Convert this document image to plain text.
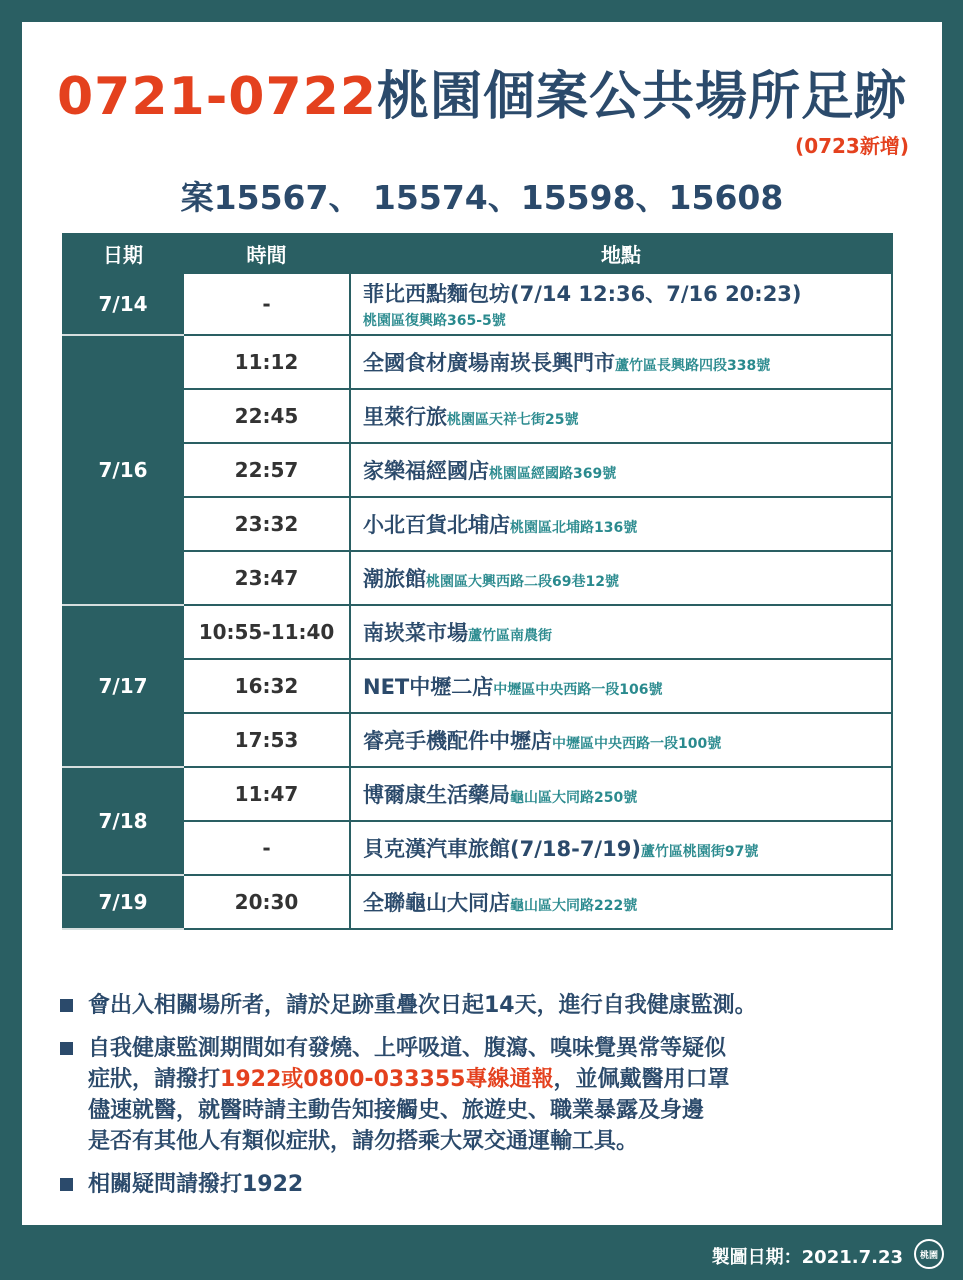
0721-0722桃園個案公共場所足跡
(0723新增)
案15567、 15574、15598、15608
日期	時間	地點
7/14	-	菲比西點麵包坊(7/14 12:36、7/16 20:23)
桃園區復興路365-5號

7/16	11:12	全國食材廣場南崁長興門市蘆竹區長興路四段338號
	22:45	里萊行旅桃園區天祥七街25號
	22:57	家樂福經國店桃園區經國路369號
	23:32	小北百貨北埔店桃園區北埔路136號
	23:47	潮旅館桃園區大興西路二段69巷12號
7/17	10:55-11:40	南崁菜市場蘆竹區南農街
	16:32	NET中壢二店中壢區中央西路一段106號
	17:53	睿亮手機配件中壢店中壢區中央西路一段100號
7/18	11:47	博爾康生活藥局龜山區大同路250號
	-	貝克漢汽車旅館(7/18-7/19)蘆竹區桃園街97號
7/19	20:30	全聯龜山大同店龜山區大同路222號
會出入相關場所者，請於足跡重疊次日起14天，進行自我健康監測。
自我健康監測期間如有發燒、上呼吸道、腹瀉、嗅味覺異常等疑似
症狀，請撥打1922或0800-033355專線通報，並佩戴醫用口罩
儘速就醫，就醫時請主動告知接觸史、旅遊史、職業暴露及身邊
是否有其他人有類似症狀，請勿搭乘大眾交通運輸工具。
相關疑問請撥打1922
製圖日期：2021.7.23 桃園
